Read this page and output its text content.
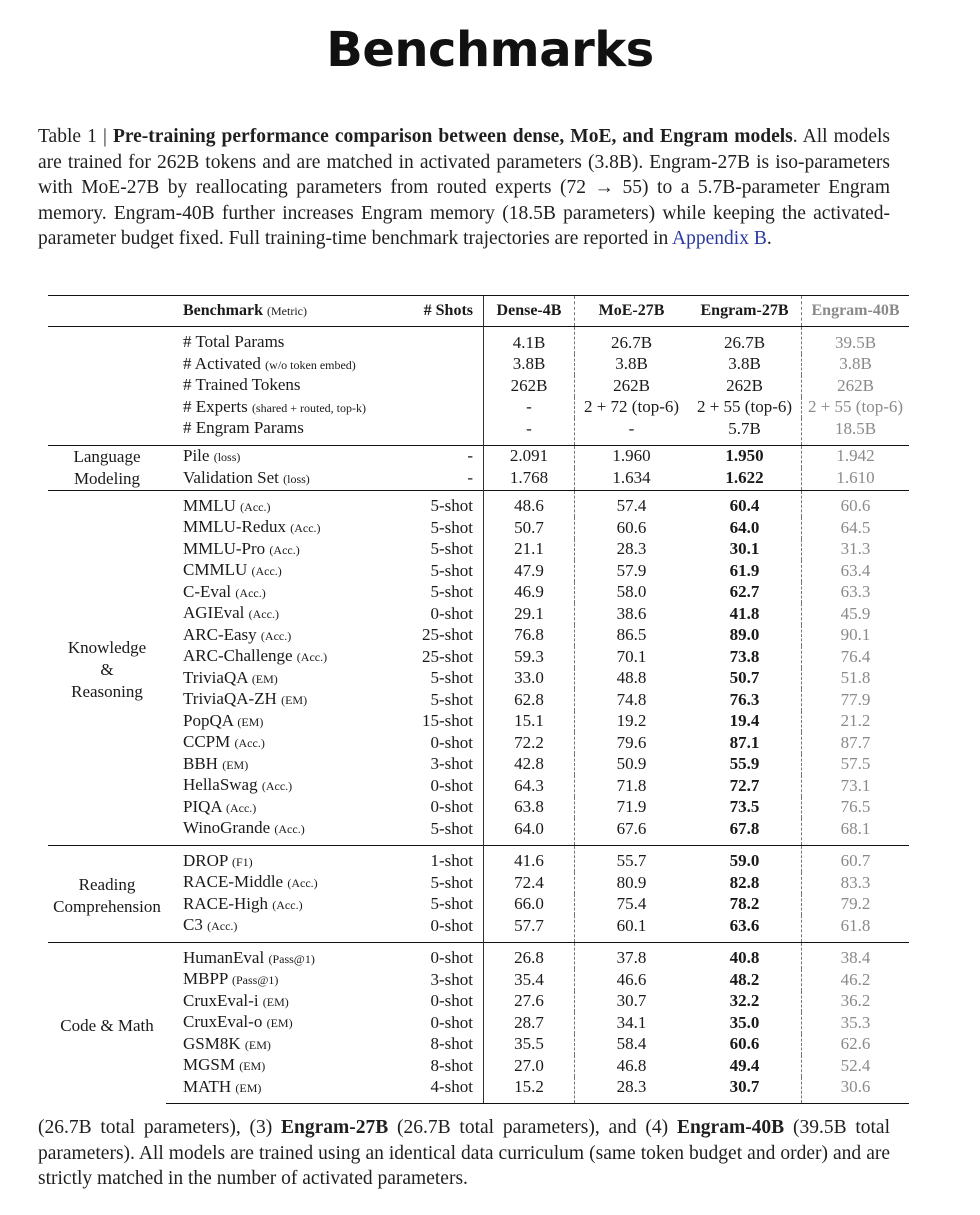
Benchmarks
Table 1 | Pre-training performance comparison between dense, MoE, and Engram models. All models are trained for 262B tokens and are matched in activated parameters (3.8B). Engram-27B is iso-parameters with MoE-27B by reallocating parameters from routed experts (72 → 55) to a 5.7B-parameter Engram memory. Engram-40B further increases Engram memory (18.5B parameters) while keeping the activated-parameter budget fixed. Full training-time benchmark trajectories are reported in Appendix B.
	Benchmark (Metric)	# Shots	Dense-4B	MoE-27B	Engram-27B	Engram-40B
	# Total Params		4.1B	26.7B	26.7B	39.5B
	# Activated (w/o token embed)		3.8B	3.8B	3.8B	3.8B
	# Trained Tokens		262B	262B	262B	262B
	# Experts (shared + routed, top-k)		-	2 + 72 (top-6)	2 + 55 (top-6)	2 + 55 (top-6)
	# Engram Params		-	-	5.7B	18.5B

Language
Modeling	Pile (loss)	-	2.091	1.960	1.950	1.942
	Validation Set (loss)	-	1.768	1.634	1.622	1.610

Knowledge
&
Reasoning	MMLU (Acc.)	5-shot	48.6	57.4	60.4	60.6
	MMLU-Redux (Acc.)	5-shot	50.7	60.6	64.0	64.5
	MMLU-Pro (Acc.)	5-shot	21.1	28.3	30.1	31.3
	CMMLU (Acc.)	5-shot	47.9	57.9	61.9	63.4
	C-Eval (Acc.)	5-shot	46.9	58.0	62.7	63.3
	AGIEval (Acc.)	0-shot	29.1	38.6	41.8	45.9
	ARC-Easy (Acc.)	25-shot	76.8	86.5	89.0	90.1
	ARC-Challenge (Acc.)	25-shot	59.3	70.1	73.8	76.4
	TriviaQA (EM)	5-shot	33.0	48.8	50.7	51.8
	TriviaQA-ZH (EM)	5-shot	62.8	74.8	76.3	77.9
	PopQA (EM)	15-shot	15.1	19.2	19.4	21.2
	CCPM (Acc.)	0-shot	72.2	79.6	87.1	87.7
	BBH (EM)	3-shot	42.8	50.9	55.9	57.5
	HellaSwag (Acc.)	0-shot	64.3	71.8	72.7	73.1
	PIQA (Acc.)	0-shot	63.8	71.9	73.5	76.5
	WinoGrande (Acc.)	5-shot	64.0	67.6	67.8	68.1

Reading
Comprehension	DROP (F1)	1-shot	41.6	55.7	59.0	60.7
	RACE-Middle (Acc.)	5-shot	72.4	80.9	82.8	83.3
	RACE-High (Acc.)	5-shot	66.0	75.4	78.2	79.2
	C3 (Acc.)	0-shot	57.7	60.1	63.6	61.8

Code & Math	HumanEval (Pass@1)	0-shot	26.8	37.8	40.8	38.4
	MBPP (Pass@1)	3-shot	35.4	46.6	48.2	46.2
	CruxEval-i (EM)	0-shot	27.6	30.7	32.2	36.2
	CruxEval-o (EM)	0-shot	28.7	34.1	35.0	35.3
	GSM8K (EM)	8-shot	35.5	58.4	60.6	62.6
	MGSM (EM)	8-shot	27.0	46.8	49.4	52.4
	MATH (EM)	4-shot	15.2	28.3	30.7	30.6
(26.7B total parameters), (3) Engram-27B (26.7B total parameters), and (4) Engram-40B (39.5B total parameters). All models are trained using an identical data curriculum (same token budget and order) and are strictly matched in the number of activated parameters.
